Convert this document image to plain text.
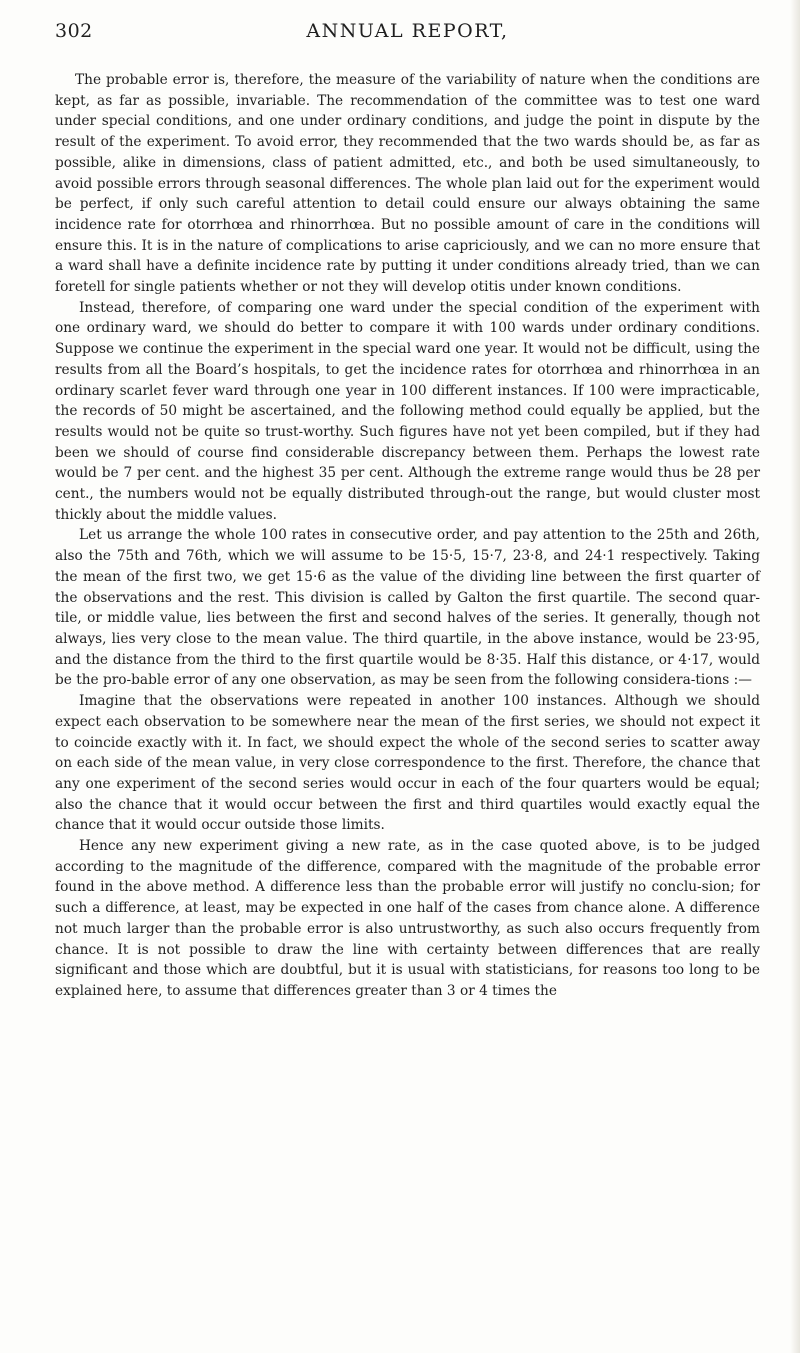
302	ANNUAL REPORT,

The probable error is, therefore, the measure of the variability of nature when the conditions are kept, as far as possible, invariable. The recommendation of the committee was to test one ward under special conditions, and one under ordinary conditions, and judge the point in dispute by the result of the experiment. To avoid error, they recommended that the two wards should be, as far as possible, alike in dimensions, class of patient admitted, etc., and both be used simultaneously, to avoid possible errors through seasonal differences. The whole plan laid out for the experiment would be perfect, if only such careful attention to detail could ensure our always obtaining the same incidence rate for otorrhœa and rhinorrhœa. But no possible amount of care in the conditions will ensure this. It is in the nature of complications to arise capriciously, and we can no more ensure that a ward shall have a definite incidence rate by putting it under conditions already tried, than we can foretell for single patients whether or not they will develop otitis under known conditions.

Instead, therefore, of comparing one ward under the special condition of the experiment with one ordinary ward, we should do better to compare it with 100 wards under ordinary conditions. Suppose we continue the experiment in the special ward one year. It would not be difficult, using the results from all the Board’s hospitals, to get the incidence rates for otorrhœa and rhinorrhœa in an ordinary scarlet fever ward through one year in 100 different instances. If 100 were impracticable, the records of 50 might be ascertained, and the following method could equally be applied, but the results would not be quite so trust-worthy. Such figures have not yet been compiled, but if they had been we should of course find considerable discrepancy between them. Perhaps the lowest rate would be 7 per cent. and the highest 35 per cent. Although the extreme range would thus be 28 per cent., the numbers would not be equally distributed through-out the range, but would cluster most thickly about the middle values.

Let us arrange the whole 100 rates in consecutive order, and pay attention to the 25th and 26th, also the 75th and 76th, which we will assume to be 15·5, 15·7, 23·8, and 24·1 respectively. Taking the mean of the first two, we get 15·6 as the value of the dividing line between the first quarter of the observations and the rest. This division is called by Galton the first quartile. The second quar-tile, or middle value, lies between the first and second halves of the series. It generally, though not always, lies very close to the mean value. The third quartile, in the above instance, would be 23·95, and the distance from the third to the first quartile would be 8·35. Half this distance, or 4·17, would be the pro-bable error of any one observation, as may be seen from the following considera-tions :—

Imagine that the observations were repeated in another 100 instances. Although we should expect each observation to be somewhere near the mean of the first series, we should not expect it to coincide exactly with it. In fact, we should expect the whole of the second series to scatter away on each side of the mean value, in very close correspondence to the first. Therefore, the chance that any one experiment of the second series would occur in each of the four quarters would be equal; also the chance that it would occur between the first and third quartiles would exactly equal the chance that it would occur outside those limits.

Hence any new experiment giving a new rate, as in the case quoted above, is to be judged according to the magnitude of the difference, compared with the magnitude of the probable error found in the above method. A difference less than the probable error will justify no conclu-sion; for such a difference, at least, may be expected in one half of the cases from chance alone. A difference not much larger than the probable error is also untrustworthy, as such also occurs frequently from chance. It is not possible to draw the line with certainty between differences that are really significant and those which are doubtful, but it is usual with statisticians, for reasons too long to be explained here, to assume that differences greater than 3 or 4 times the
